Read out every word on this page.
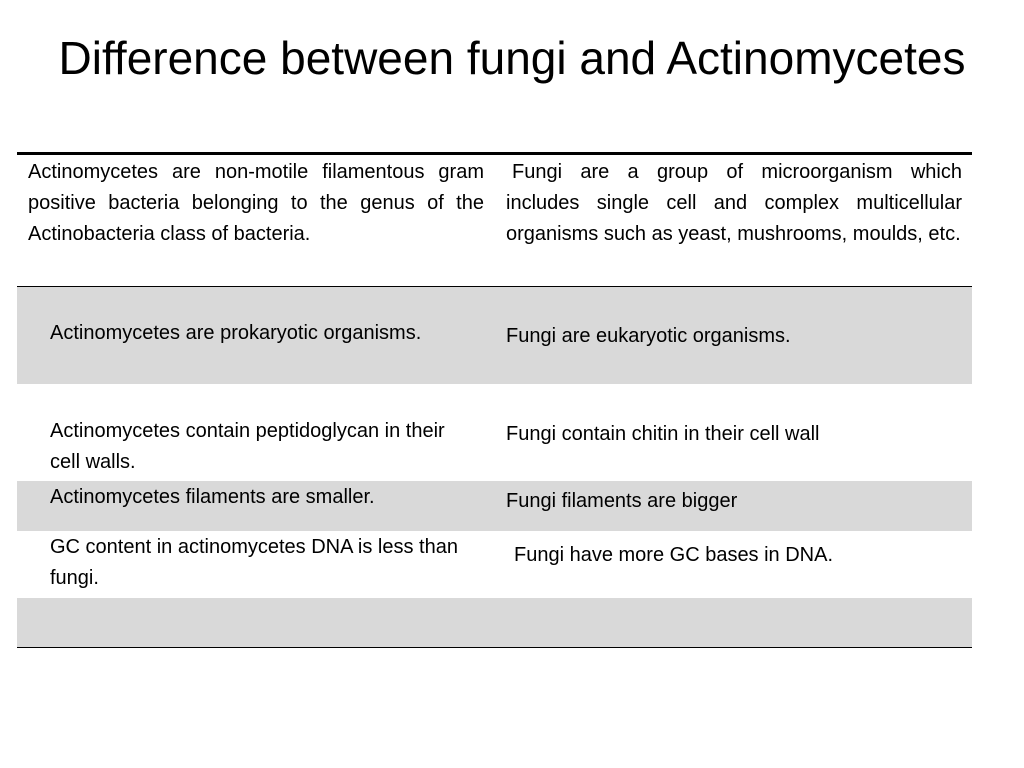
Difference between fungi and Actinomycetes
Actinomycetes are non-motile filamentous gram positive bacteria belonging to the genus of the Actinobacteria class of bacteria.
Fungi are a group of microorganism which includes single cell and complex multicellular organisms such as yeast, mushrooms, moulds, etc.
Actinomycetes are prokaryotic organisms.	Fungi are eukaryotic organisms.
Actinomycetes contain peptidoglycan in their cell walls.
Fungi contain chitin in their cell wall
Actinomycetes filaments are smaller.	Fungi filaments are bigger
GC content in actinomycetes DNA is less than fungi.
Fungi have more GC bases in DNA.
